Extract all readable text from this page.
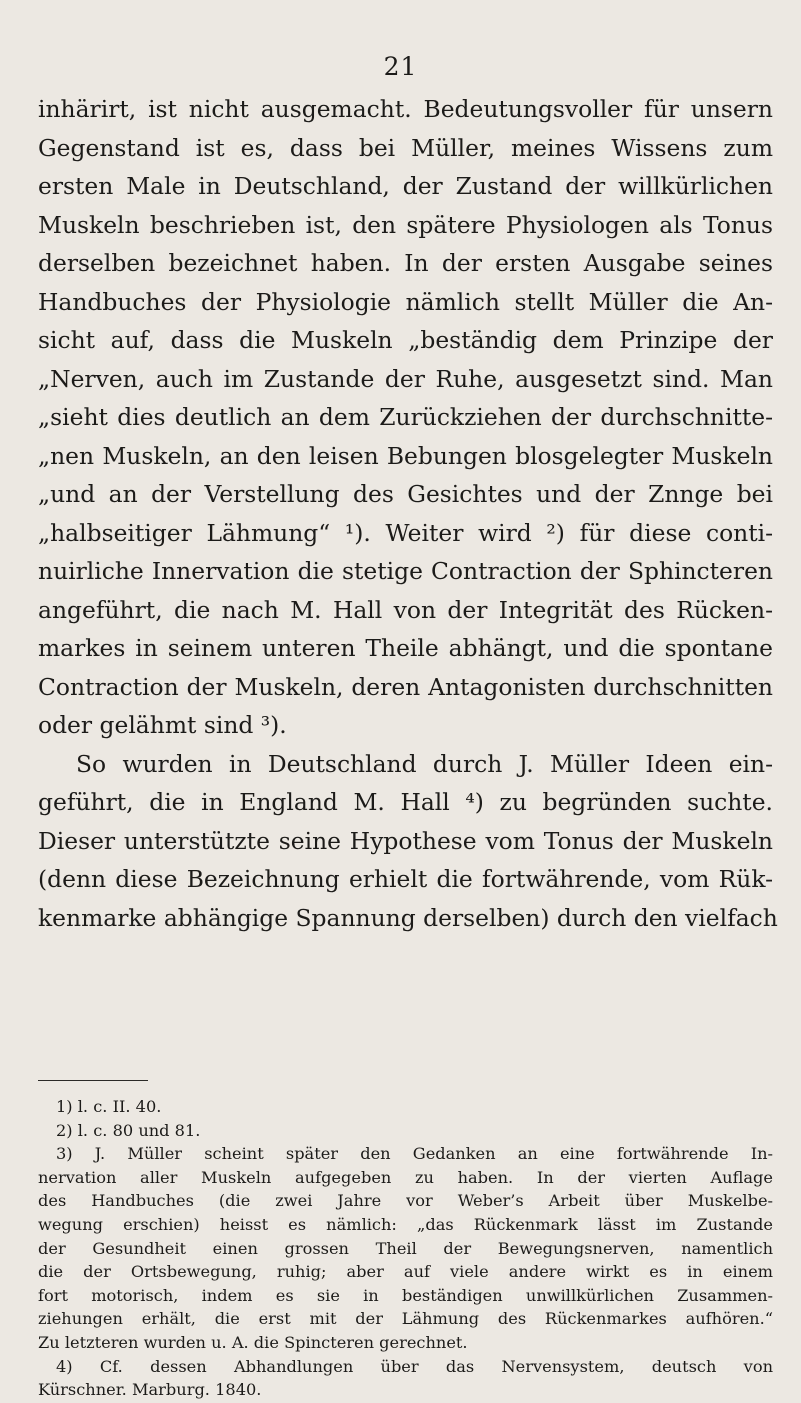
21
inhärirt, ist nicht ausgemacht. Bedeutungsvoller für unsern
Gegenstand ist es, dass bei Müller, meines Wissens zum
ersten Male in Deutschland, der Zustand der willkürlichen
Muskeln beschrieben ist, den spätere Physiologen als Tonus
derselben bezeichnet haben. In der ersten Ausgabe seines
Handbuches der Physiologie nämlich stellt Müller die An-
sicht auf, dass die Muskeln „beständig dem Prinzipe der
„Nerven, auch im Zustande der Ruhe, ausgesetzt sind. Man
„sieht dies deutlich an dem Zurückziehen der durchschnitte-
„nen Muskeln, an den leisen Bebungen blosgelegter Muskeln
„und an der Verstellung des Gesichtes und der Znnge bei
„halbseitiger Lähmung“ ¹). Weiter wird ²) für diese conti-
nuirliche Innervation die stetige Contraction der Sphincteren
angeführt, die nach M. Hall von der Integrität des Rücken-
markes in seinem unteren Theile abhängt, und die spontane
Contraction der Muskeln, deren Antagonisten durchschnitten
oder gelähmt sind ³).
So wurden in Deutschland durch J. Müller Ideen ein-
geführt, die in England M. Hall ⁴) zu begründen suchte.
Dieser unterstützte seine Hypothese vom Tonus der Muskeln
(denn diese Bezeichnung erhielt die fortwährende, vom Rük-
kenmarke abhängige Spannung derselben) durch den vielfach
1) l. c. II. 40.
2) l. c. 80 und 81.
3) J. Müller scheint später den Gedanken an eine fortwährende In-
nervation aller Muskeln aufgegeben zu haben. In der vierten Auflage
des Handbuches (die zwei Jahre vor Weber’s Arbeit über Muskelbe-
wegung erschien) heisst es nämlich: „das Rückenmark lässt im Zustande
der Gesundheit einen grossen Theil der Bewegungsnerven, namentlich
die der Ortsbewegung, ruhig; aber auf viele andere wirkt es in einem
fort motorisch, indem es sie in beständigen unwillkürlichen Zusammen-
ziehungen erhält, die erst mit der Lähmung des Rückenmarkes aufhören.“
Zu letzteren wurden u. A. die Spincteren gerechnet.
4) Cf. dessen Abhandlungen über das Nervensystem, deutsch von
Kürschner. Marburg. 1840.
